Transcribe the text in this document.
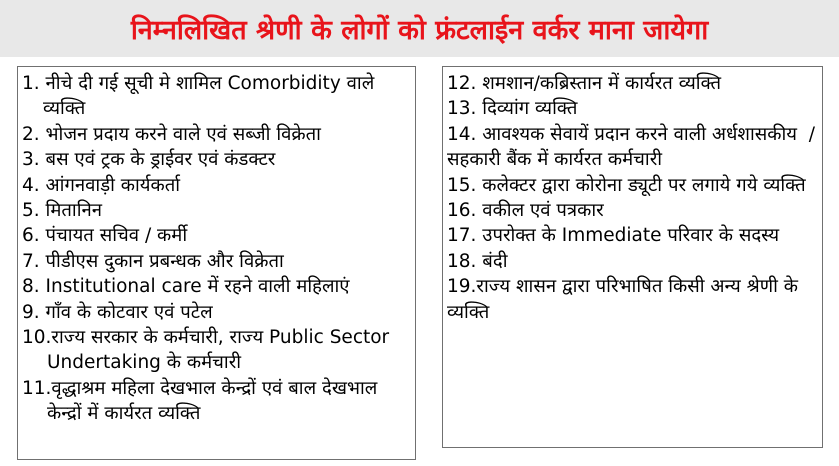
निम्नलिखित श्रेणी के लोगों को फ्रंटलाईन वर्कर माना जायेगा
1. नीचे दी गई सूची मे शामिल Comorbidity वाले व्यक्ति
2. भोजन प्रदाय करने वाले एवं सब्जी विक्रेता
3. बस एवं ट्रक के ड्राईवर एवं कंडक्टर
4. आंगनवाड़ी कार्यकर्ता
5. मितानिन
6. पंचायत सचिव / कर्मी
7. पीडीएस दुकान प्रबन्धक और विक्रेता
8. Institutional care में रहने वाली महिलाएं
9. गाँव के कोटवार एवं पटेल
10.राज्य सरकार के कर्मचारी, राज्य Public Sector Undertaking के कर्मचारी
11.वृद्धाश्रम महिला देखभाल केन्द्रों एवं बाल देखभाल केन्द्रों में कार्यरत व्यक्ति
12. शमशान/कब्रिस्तान में कार्यरत व्यक्ति
13. दिव्यांग व्यक्ति
14. आवश्यक सेवायें प्रदान करने वाली अर्धशासकीय  /सहकारी बैंक में कार्यरत कर्मचारी
15. कलेक्टर द्वारा कोरोना ड्यूटी पर लगाये गये व्यक्ति
16. वकील एवं पत्रकार
17. उपरोक्त के Immediate परिवार के सदस्य
18. बंदी
19.राज्य शासन द्वारा परिभाषित किसी अन्य श्रेणी के व्यक्ति
